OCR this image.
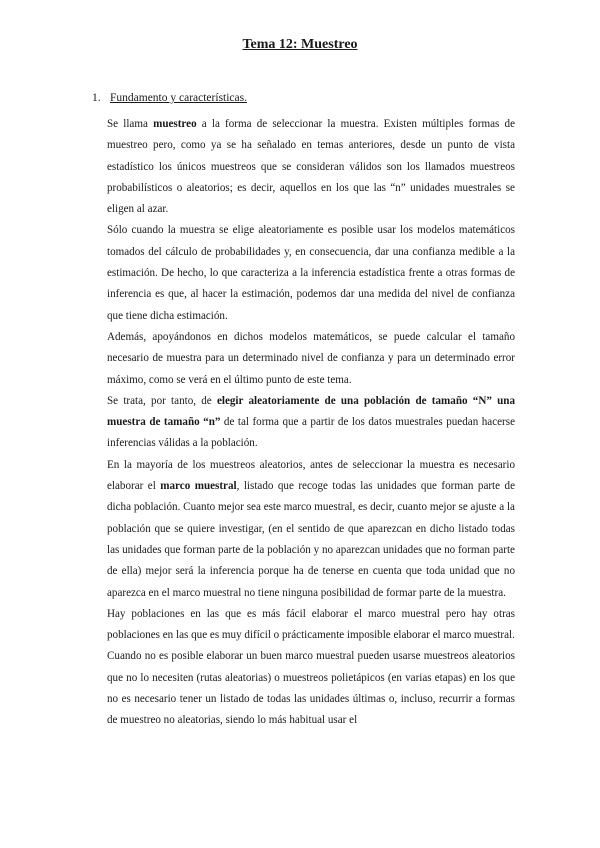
Tema 12: Muestreo
1. Fundamento y características.

Se llama muestreo a la forma de seleccionar la muestra. Existen múltiples formas de muestreo pero, como ya se ha señalado en temas anteriores, desde un punto de vista estadístico los únicos muestreos que se consideran válidos son los llamados muestreos probabilísticos o aleatorios; es decir, aquellos en los que las “n” unidades muestrales se eligen al azar.

Sólo cuando la muestra se elige aleatoriamente es posible usar los modelos matemáticos tomados del cálculo de probabilidades y, en consecuencia, dar una confianza medible a la estimación. De hecho, lo que caracteriza a la inferencia estadística frente a otras formas de inferencia es que, al hacer la estimación, podemos dar una medida del nivel de confianza que tiene dicha estimación.

Además, apoyándonos en dichos modelos matemáticos, se puede calcular el tamaño necesario de muestra para un determinado nivel de confianza y para un determinado error máximo, como se verá en el último punto de este tema.

Se trata, por tanto, de elegir aleatoriamente de una población de tamaño “N” una muestra de tamaño “n” de tal forma que a partir de los datos muestrales puedan hacerse inferencias válidas a la población.

En la mayoría de los muestreos aleatorios, antes de seleccionar la muestra es necesario elaborar el marco muestral, listado que recoge todas las unidades que forman parte de dicha población. Cuanto mejor sea este marco muestral, es decir, cuanto mejor se ajuste a la población que se quiere investigar, (en el sentido de que aparezcan en dicho listado todas las unidades que forman parte de la población y no aparezcan unidades que no forman parte de ella) mejor será la inferencia porque ha de tenerse en cuenta que toda unidad que no aparezca en el marco muestral no tiene ninguna posibilidad de formar parte de la muestra.

Hay poblaciones en las que es más fácil elaborar el marco muestral pero hay otras poblaciones en las que es muy difícil o prácticamente imposible elaborar el marco muestral.

Cuando no es posible elaborar un buen marco muestral pueden usarse muestreos aleatorios que no lo necesiten (rutas aleatorias) o muestreos polietápicos (en varias etapas) en los que no es necesario tener un listado de todas las unidades últimas o, incluso, recurrir a formas de muestreo no aleatorias, siendo lo más habitual usar el
